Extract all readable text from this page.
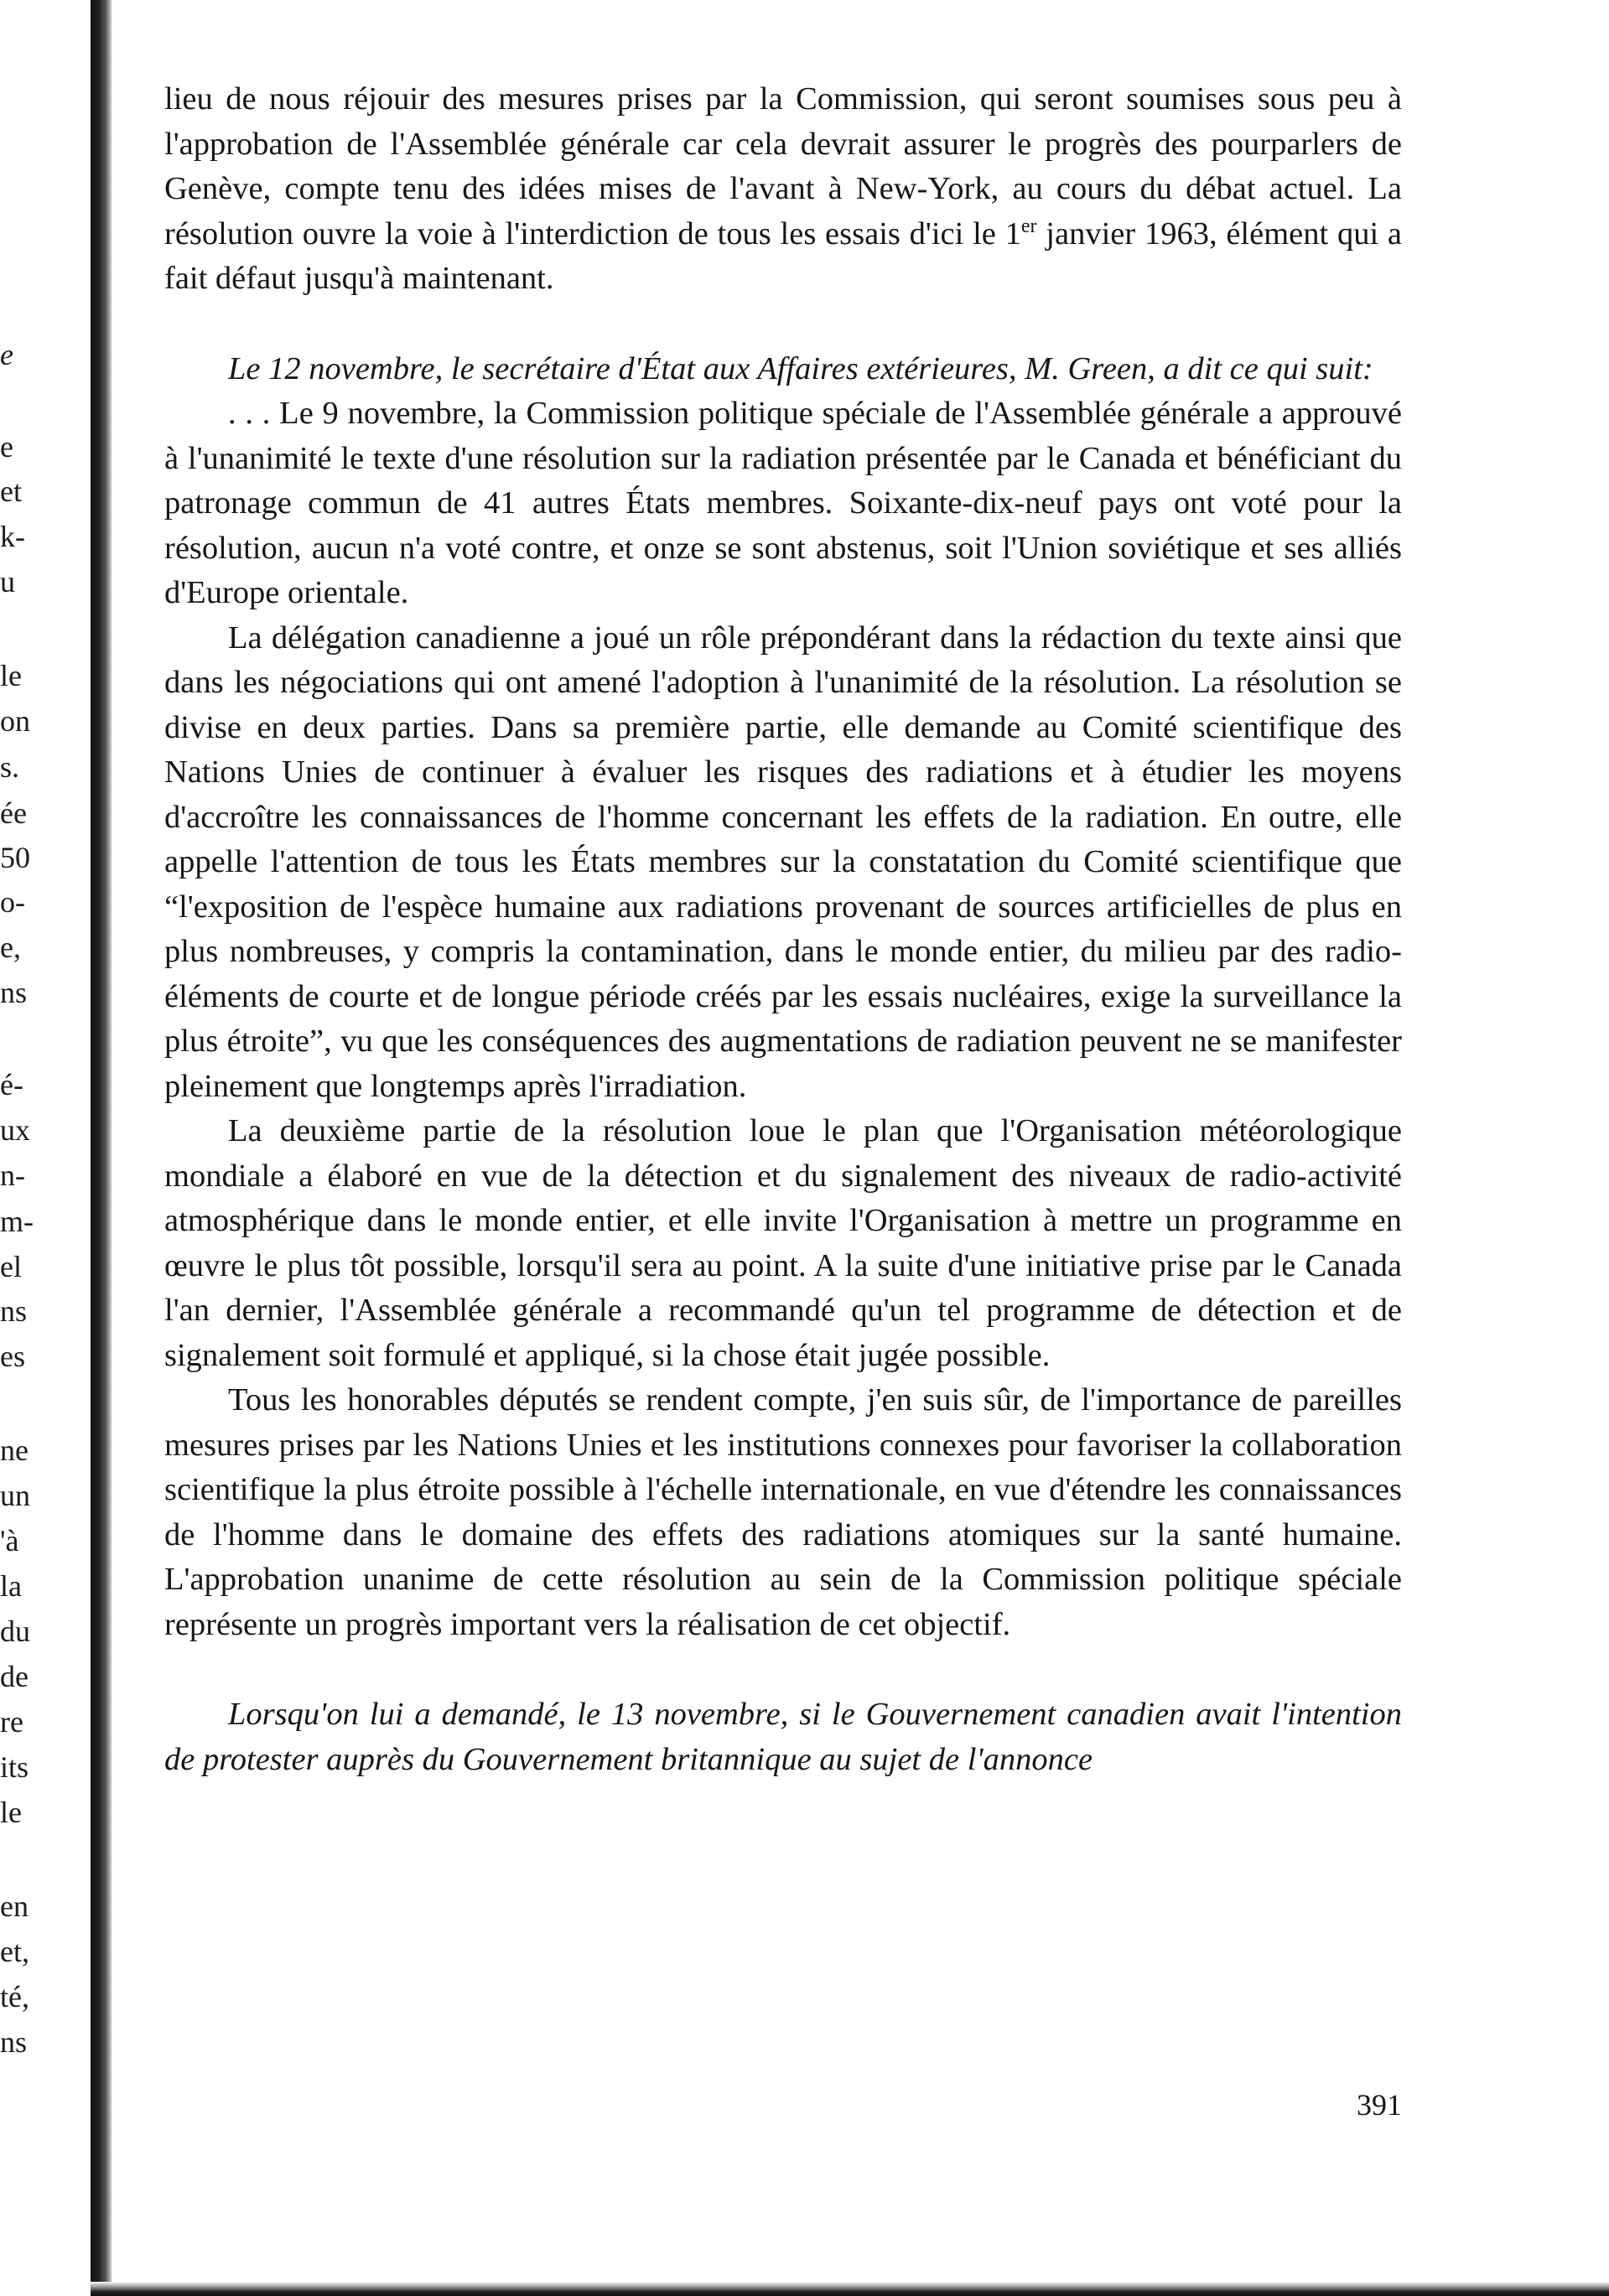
e
e
et
k-
u
le
on
s.
ée
50
o-
e,
ns
é-
ux
n-
m-
el
ns
es
ne
un
'à
la
du
de
re
its
le
en
et,
té,
ns

lieu de nous réjouir des mesures prises par la Commission, qui seront soumises sous peu à l'approbation de l'Assemblée générale car cela devrait assurer le progrès des pourparlers de Genève, compte tenu des idées mises de l'avant à New-York, au cours du débat actuel. La résolution ouvre la voie à l'interdiction de tous les essais d'ici le 1er janvier 1963, élément qui a fait défaut jusqu'à maintenant.

Le 12 novembre, le secrétaire d'État aux Affaires extérieures, M. Green, a dit ce qui suit:

. . . Le 9 novembre, la Commission politique spéciale de l'Assemblée générale a approuvé à l'unanimité le texte d'une résolution sur la radiation présentée par le Canada et bénéficiant du patronage commun de 41 autres États membres. Soixante-dix-neuf pays ont voté pour la résolution, aucun n'a voté contre, et onze se sont abstenus, soit l'Union soviétique et ses alliés d'Europe orientale.

La délégation canadienne a joué un rôle prépondérant dans la rédaction du texte ainsi que dans les négociations qui ont amené l'adoption à l'unanimité de la résolution. La résolution se divise en deux parties. Dans sa première partie, elle demande au Comité scientifique des Nations Unies de continuer à évaluer les risques des radiations et à étudier les moyens d'accroître les connaissances de l'homme concernant les effets de la radiation. En outre, elle appelle l'attention de tous les États membres sur la constatation du Comité scientifique que “l'exposition de l'espèce humaine aux radiations provenant de sources artificielles de plus en plus nombreuses, y compris la contamination, dans le monde entier, du milieu par des radio-éléments de courte et de longue période créés par les essais nucléaires, exige la surveillance la plus étroite”, vu que les conséquences des augmentations de radiation peuvent ne se manifester pleinement que longtemps après l'irradiation.

La deuxième partie de la résolution loue le plan que l'Organisation météorologique mondiale a élaboré en vue de la détection et du signalement des niveaux de radio-activité atmosphérique dans le monde entier, et elle invite l'Organisation à mettre un programme en œuvre le plus tôt possible, lorsqu'il sera au point. A la suite d'une initiative prise par le Canada l'an dernier, l'Assemblée générale a recommandé qu'un tel programme de détection et de signalement soit formulé et appliqué, si la chose était jugée possible.

Tous les honorables députés se rendent compte, j'en suis sûr, de l'importance de pareilles mesures prises par les Nations Unies et les institutions connexes pour favoriser la collaboration scientifique la plus étroite possible à l'échelle internationale, en vue d'étendre les connaissances de l'homme dans le domaine des effets des radiations atomiques sur la santé humaine. L'approbation unanime de cette résolution au sein de la Commission politique spéciale représente un progrès important vers la réalisation de cet objectif.

Lorsqu'on lui a demandé, le 13 novembre, si le Gouvernement canadien avait l'intention de protester auprès du Gouvernement britannique au sujet de l'annonce

391
